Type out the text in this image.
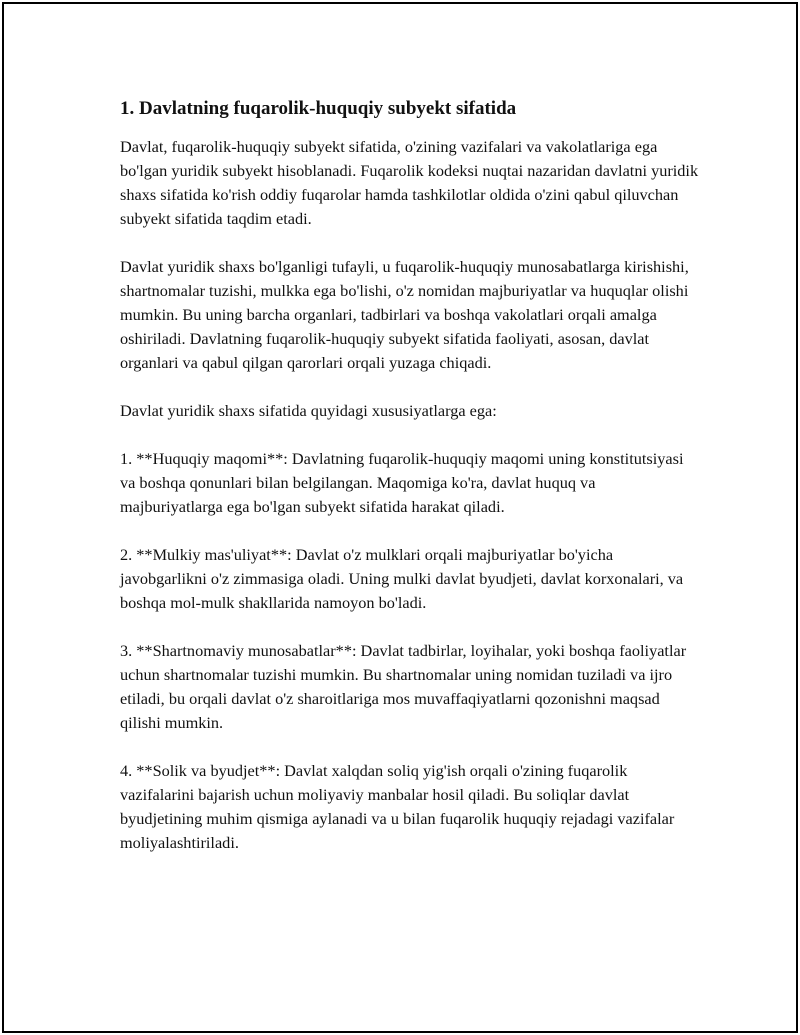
1. Davlatning fuqarolik-huquqiy subyekt sifatida

Davlat, fuqarolik-huquqiy subyekt sifatida, o'zining vazifalari va vakolatlariga ega bo'lgan yuridik subyekt hisoblanadi. Fuqarolik kodeksi nuqtai nazaridan davlatni yuridik shaxs sifatida ko'rish oddiy fuqarolar hamda tashkilotlar oldida o'zini qabul qiluvchan subyekt sifatida taqdim etadi.

Davlat yuridik shaxs bo'lganligi tufayli, u fuqarolik-huquqiy munosabatlarga kirishishi, shartnomalar tuzishi, mulkka ega bo'lishi, o'z nomidan majburiyatlar va huquqlar olishi mumkin. Bu uning barcha organlari, tadbirlari va boshqa vakolatlari orqali amalga oshiriladi. Davlatning fuqarolik-huquqiy subyekt sifatida faoliyati, asosan, davlat organlari va qabul qilgan qarorlari orqali yuzaga chiqadi.

Davlat yuridik shaxs sifatida quyidagi xususiyatlarga ega:

1. **Huquqiy maqomi**: Davlatning fuqarolik-huquqiy maqomi uning konstitutsiyasi va boshqa qonunlari bilan belgilangan. Maqomiga ko'ra, davlat huquq va majburiyatlarga ega bo'lgan subyekt sifatida harakat qiladi.

2. **Mulkiy mas'uliyat**: Davlat o'z mulklari orqali majburiyatlar bo'yicha javobgarlikni o'z zimmasiga oladi. Uning mulki davlat byudjeti, davlat korxonalari, va boshqa mol-mulk shakllarida namoyon bo'ladi.

3. **Shartnomaviy munosabatlar**: Davlat tadbirlar, loyihalar, yoki boshqa faoliyatlar uchun shartnomalar tuzishi mumkin. Bu shartnomalar uning nomidan tuziladi va ijro etiladi, bu orqali davlat o'z sharoitlariga mos muvaffaqiyatlarni qozonishni maqsad qilishi mumkin.

4. **Solik va byudjet**: Davlat xalqdan soliq yig'ish orqali o'zining fuqarolik vazifalarini bajarish uchun moliyaviy manbalar hosil qiladi. Bu soliqlar davlat byudjetining muhim qismiga aylanadi va u bilan fuqarolik huquqiy rejadagi vazifalar moliyalashtiriladi.
